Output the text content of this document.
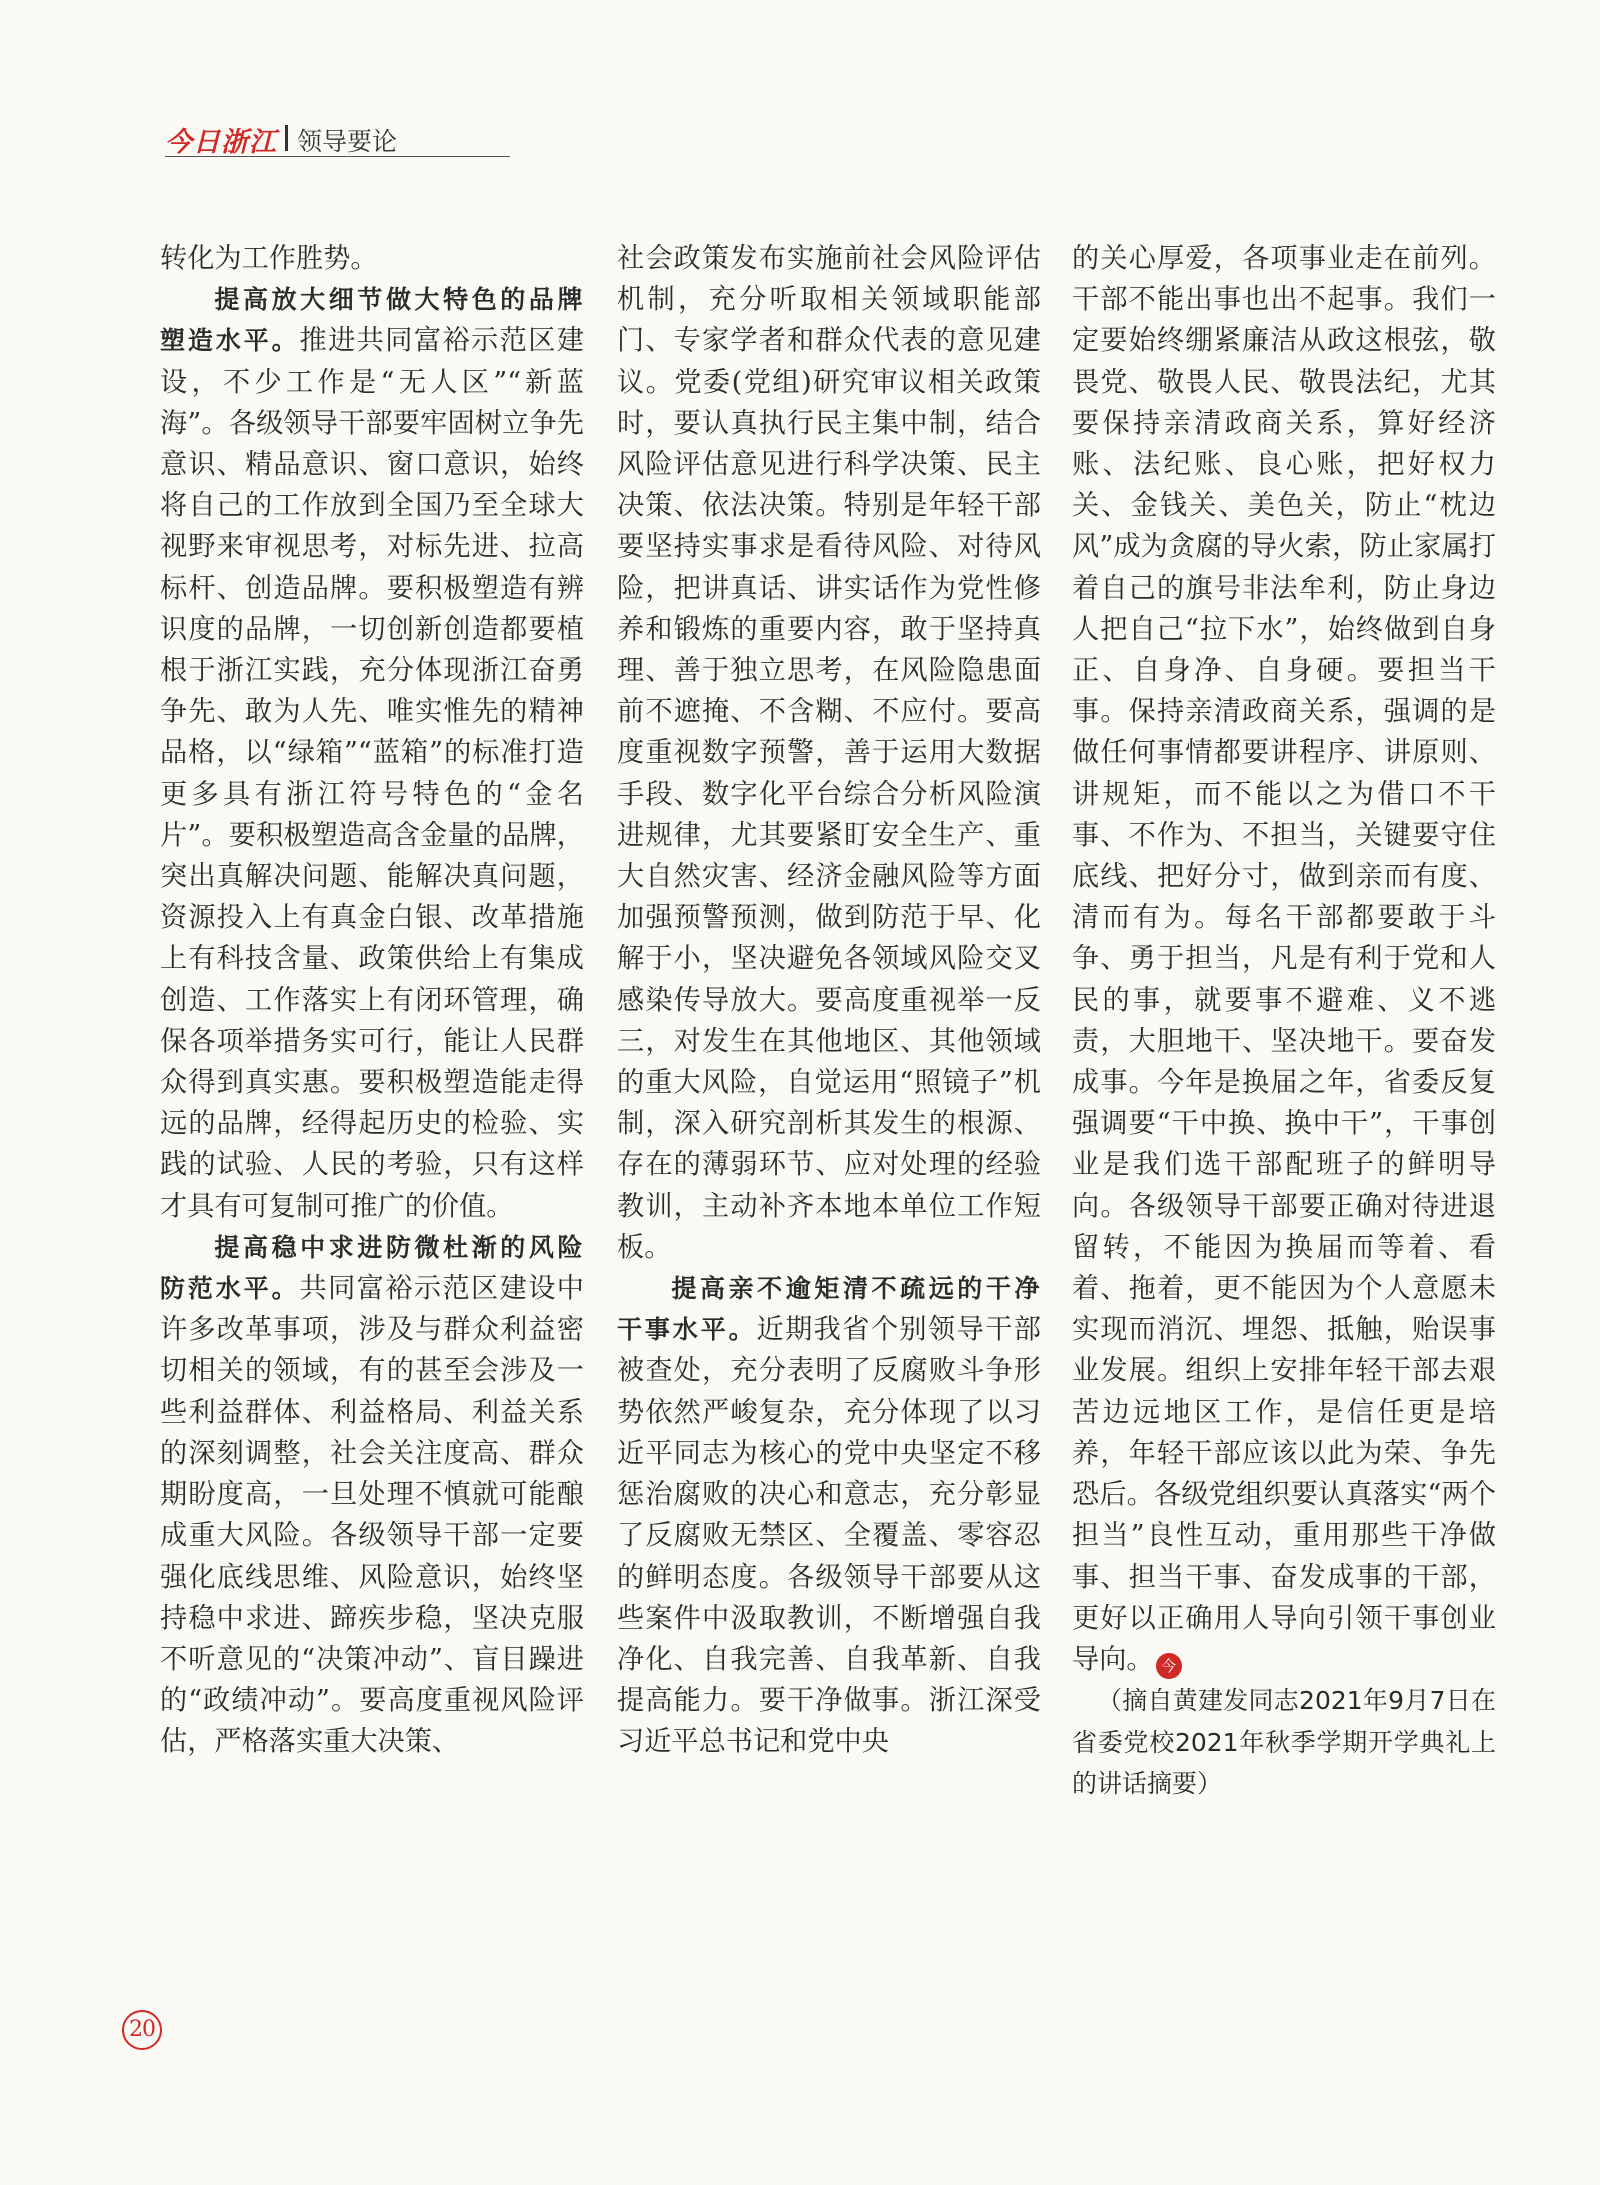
今日浙江 领导要论

转化为工作胜势。

提高放大细节做大特色的品牌塑造水平。推进共同富裕示范区建设，不少工作是“无人区”“新蓝海”。各级领导干部要牢固树立争先意识、精品意识、窗口意识，始终将自己的工作放到全国乃至全球大视野来审视思考，对标先进、拉高标杆、创造品牌。要积极塑造有辨识度的品牌，一切创新创造都要植根于浙江实践，充分体现浙江奋勇争先、敢为人先、唯实惟先的精神品格，以“绿箱”“蓝箱”的标准打造更多具有浙江符号特色的“金名片”。要积极塑造高含金量的品牌，突出真解决问题、能解决真问题，资源投入上有真金白银、改革措施上有科技含量、政策供给上有集成创造、工作落实上有闭环管理，确保各项举措务实可行，能让人民群众得到真实惠。要积极塑造能走得远的品牌，经得起历史的检验、实践的试验、人民的考验，只有这样才具有可复制可推广的价值。

提高稳中求进防微杜渐的风险防范水平。共同富裕示范区建设中许多改革事项，涉及与群众利益密切相关的领域，有的甚至会涉及一些利益群体、利益格局、利益关系的深刻调整，社会关注度高、群众期盼度高，一旦处理不慎就可能酿成重大风险。各级领导干部一定要强化底线思维、风险意识，始终坚持稳中求进、蹄疾步稳，坚决克服不听意见的“决策冲动”、盲目躁进的“政绩冲动”。要高度重视风险评估，严格落实重大决策、

社会政策发布实施前社会风险评估机制，充分听取相关领域职能部门、专家学者和群众代表的意见建议。党委(党组)研究审议相关政策时，要认真执行民主集中制，结合风险评估意见进行科学决策、民主决策、依法决策。特别是年轻干部要坚持实事求是看待风险、对待风险，把讲真话、讲实话作为党性修养和锻炼的重要内容，敢于坚持真理、善于独立思考，在风险隐患面前不遮掩、不含糊、不应付。要高度重视数字预警，善于运用大数据手段、数字化平台综合分析风险演进规律，尤其要紧盯安全生产、重大自然灾害、经济金融风险等方面加强预警预测，做到防范于早、化解于小，坚决避免各领域风险交叉感染传导放大。要高度重视举一反三，对发生在其他地区、其他领域的重大风险，自觉运用“照镜子”机制，深入研究剖析其发生的根源、存在的薄弱环节、应对处理的经验教训，主动补齐本地本单位工作短板。

提高亲不逾矩清不疏远的干净干事水平。近期我省个别领导干部被查处，充分表明了反腐败斗争形势依然严峻复杂，充分体现了以习近平同志为核心的党中央坚定不移惩治腐败的决心和意志，充分彰显了反腐败无禁区、全覆盖、零容忍的鲜明态度。各级领导干部要从这些案件中汲取教训，不断增强自我净化、自我完善、自我革新、自我提高能力。要干净做事。浙江深受习近平总书记和党中央

的关心厚爱，各项事业走在前列。干部不能出事也出不起事。我们一定要始终绷紧廉洁从政这根弦，敬畏党、敬畏人民、敬畏法纪，尤其要保持亲清政商关系，算好经济账、法纪账、良心账，把好权力关、金钱关、美色关，防止“枕边风”成为贪腐的导火索，防止家属打着自己的旗号非法牟利，防止身边人把自己“拉下水”，始终做到自身正、自身净、自身硬。要担当干事。保持亲清政商关系，强调的是做任何事情都要讲程序、讲原则、讲规矩，而不能以之为借口不干事、不作为、不担当，关键要守住底线、把好分寸，做到亲而有度、清而有为。每名干部都要敢于斗争、勇于担当，凡是有利于党和人民的事，就要事不避难、义不逃责，大胆地干、坚决地干。要奋发成事。今年是换届之年，省委反复强调要“干中换、换中干”，干事创业是我们选干部配班子的鲜明导向。各级领导干部要正确对待进退留转，不能因为换届而等着、看着、拖着，更不能因为个人意愿未实现而消沉、埋怨、抵触，贻误事业发展。组织上安排年轻干部去艰苦边远地区工作，是信任更是培养，年轻干部应该以此为荣、争先恐后。各级党组织要认真落实“两个担当”良性互动，重用那些干净做事、担当干事、奋发成事的干部，更好以正确用人导向引领干事创业导向。 今

（摘自黄建发同志2021年9月7日在省委党校2021年秋季学期开学典礼上的讲话摘要）

20
